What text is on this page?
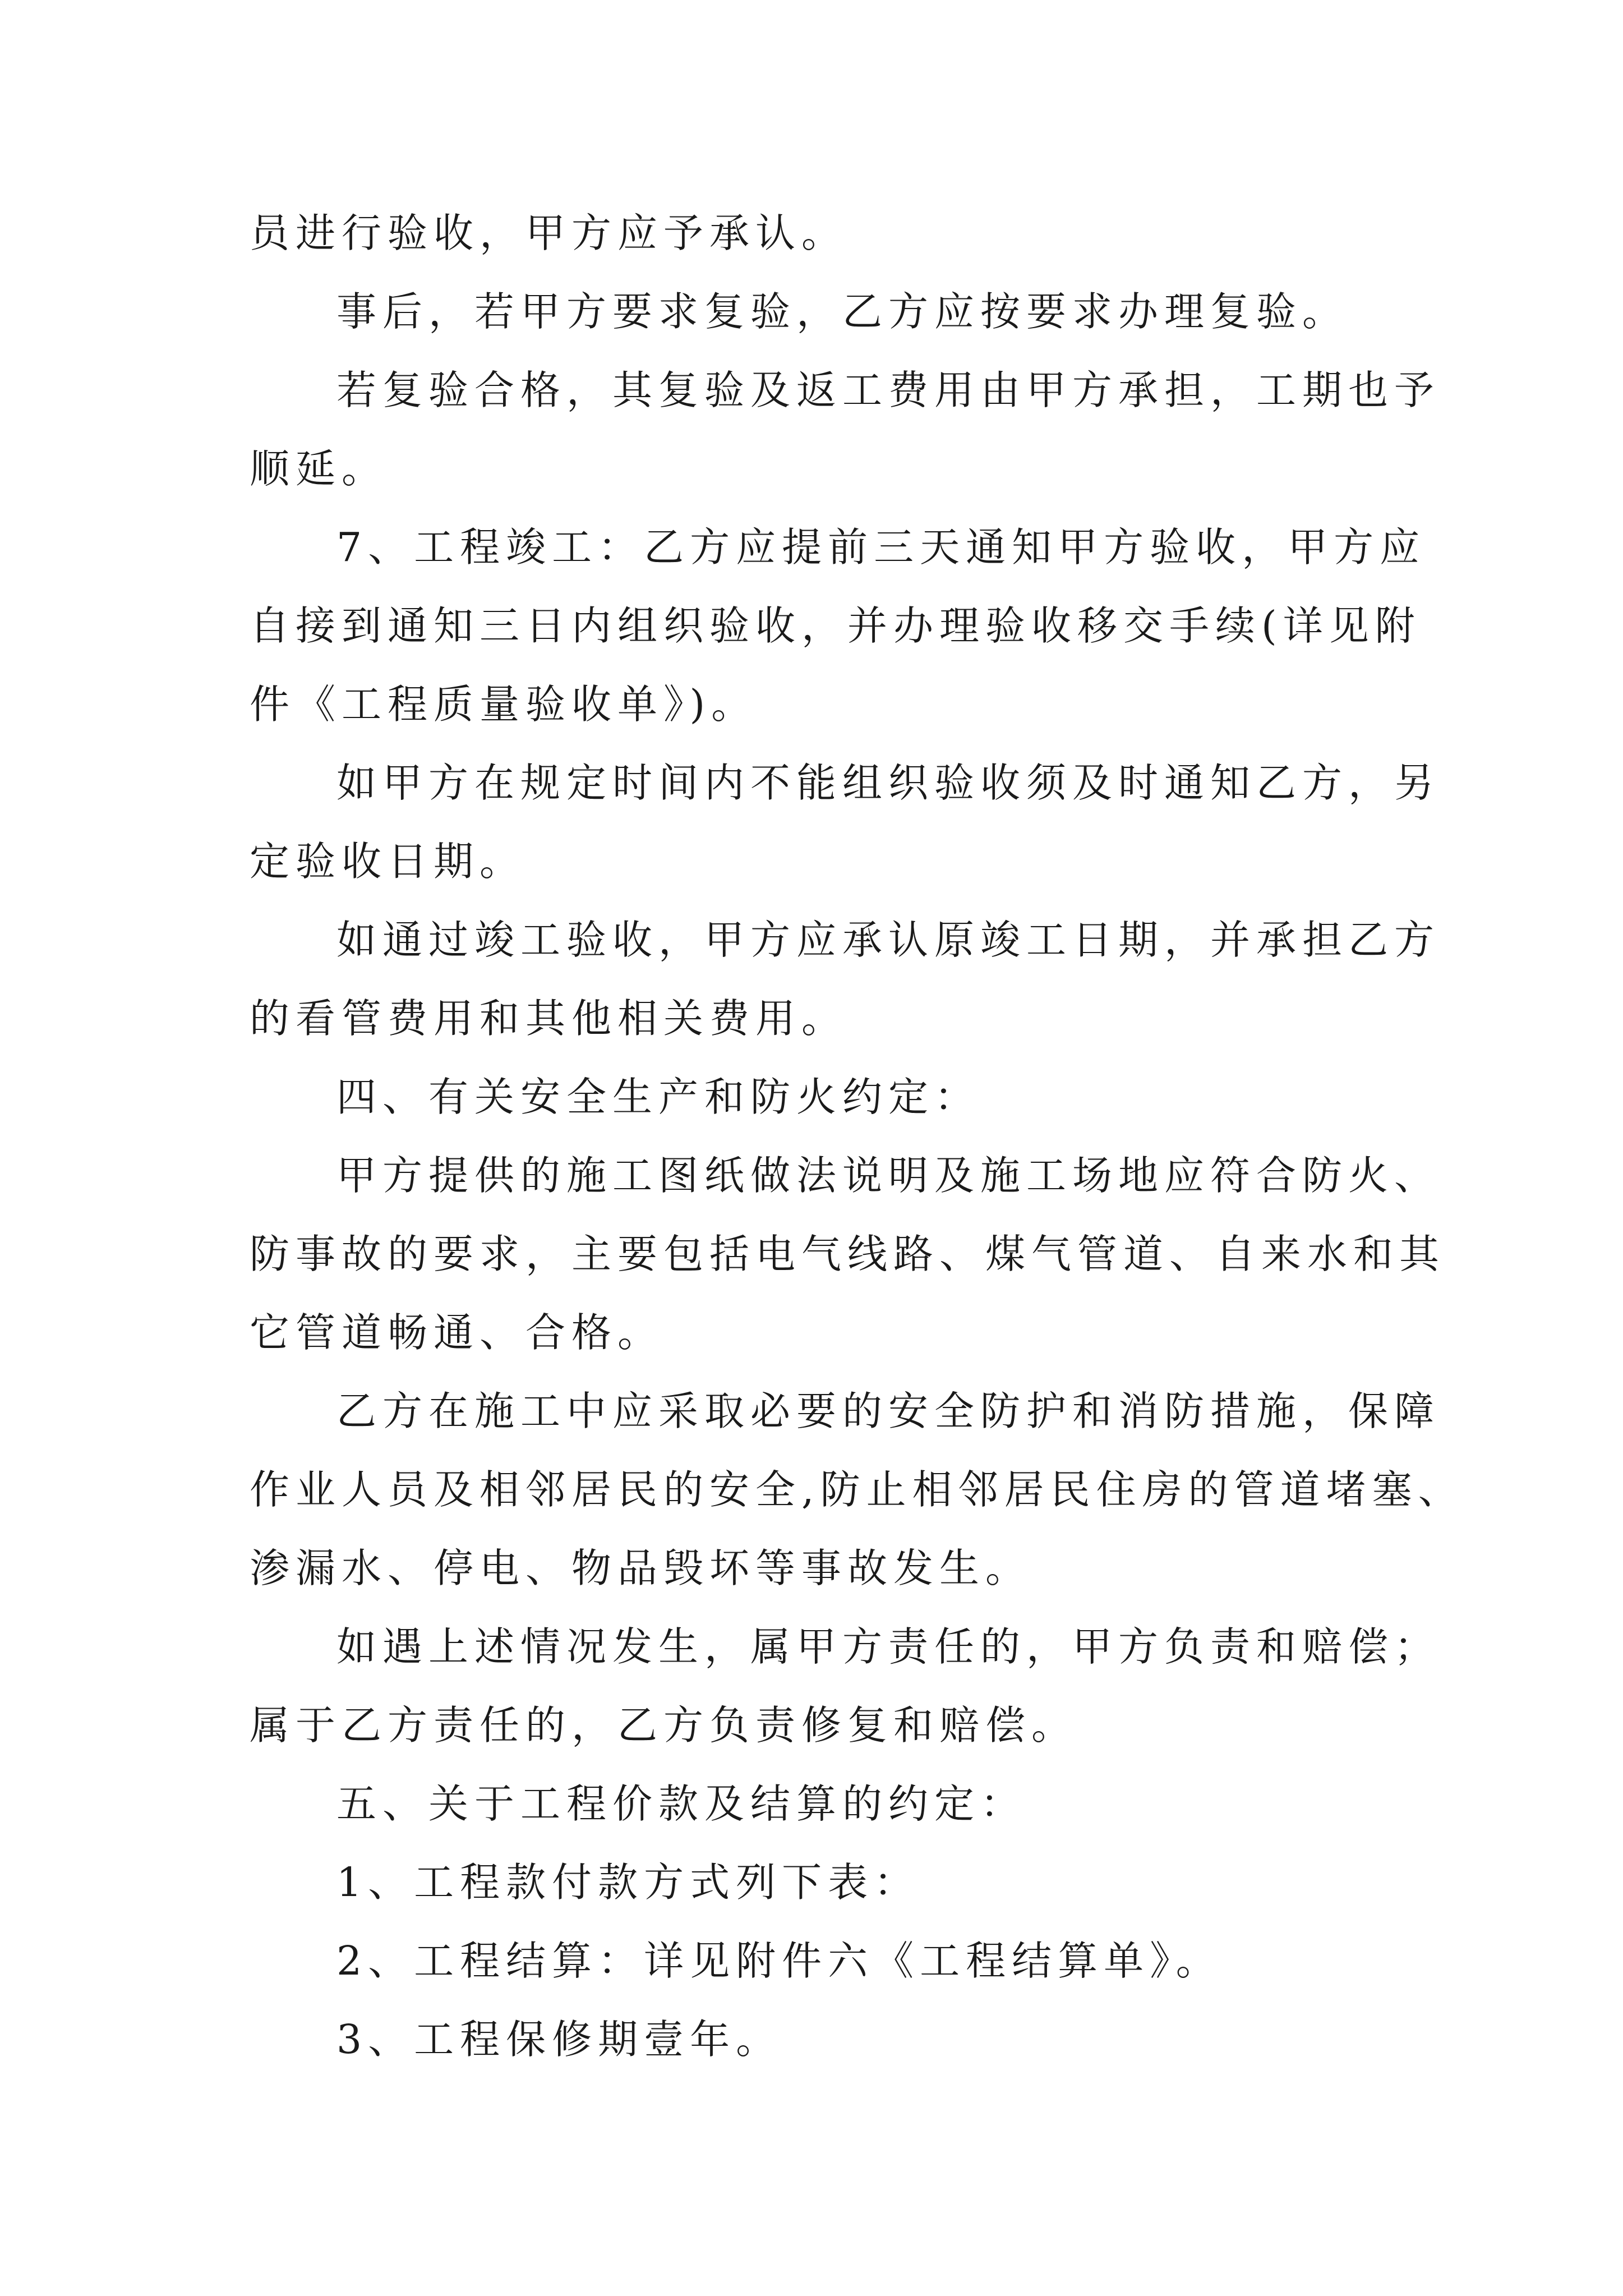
员进行验收，甲方应予承认。
事后，若甲方要求复验，乙方应按要求办理复验。
若复验合格，其复验及返工费用由甲方承担，工期也予
顺延。
7、工程竣工：乙方应提前三天通知甲方验收，甲方应
自接到通知三日内组织验收，并办理验收移交手续(详见附
件《工程质量验收单》)。
如甲方在规定时间内不能组织验收须及时通知乙方，另
定验收日期。
如通过竣工验收，甲方应承认原竣工日期，并承担乙方
的看管费用和其他相关费用。
四、有关安全生产和防火约定：
甲方提供的施工图纸做法说明及施工场地应符合防火、
防事故的要求，主要包括电气线路、煤气管道、自来水和其
它管道畅通、合格。
乙方在施工中应采取必要的安全防护和消防措施，保障
作业人员及相邻居民的安全,防止相邻居民住房的管道堵塞、
渗漏水、停电、物品毁坏等事故发生。
如遇上述情况发生，属甲方责任的，甲方负责和赔偿；
属于乙方责任的，乙方负责修复和赔偿。
五、关于工程价款及结算的约定：
1、工程款付款方式列下表：
2、工程结算：详见附件六《工程结算单》。
3、工程保修期壹年。
